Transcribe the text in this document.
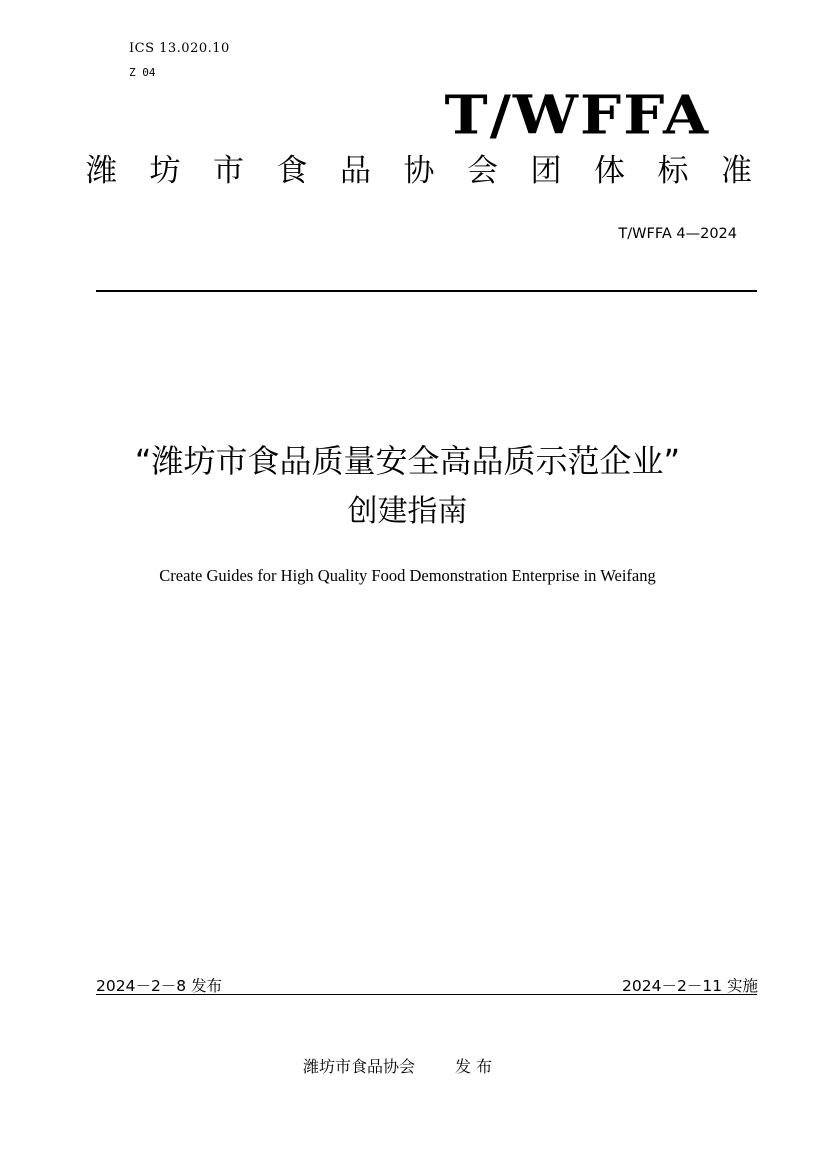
ICS 13.020.10
Z 04
T/WFFA
潍 坊 市 食 品 协 会 团 体 标 准
T/WFFA 4—2024
“潍坊市食品质量安全高品质示范企业”
创建指南
Create Guides for High Quality Food Demonstration Enterprise in Weifang
2024－2－8 发布	2024－2－11 实施
潍坊市食品协会	发 布
